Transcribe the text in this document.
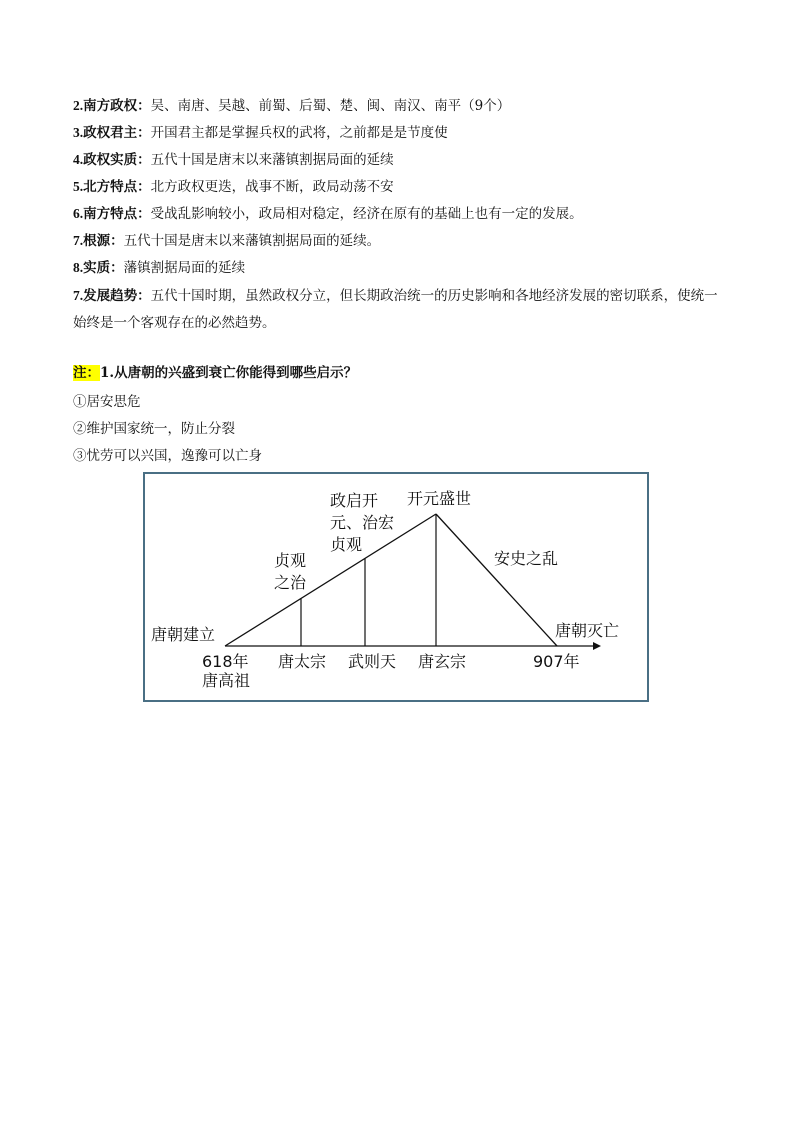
2.南方政权：吴、南唐、吴越、前蜀、后蜀、楚、闽、南汉、南平（9个）
3.政权君主：开国君主都是掌握兵权的武将，之前都是是节度使
4.政权实质：五代十国是唐末以来藩镇割据局面的延续
5.北方特点：北方政权更迭，战事不断，政局动荡不安
6.南方特点：受战乱影响较小，政局相对稳定，经济在原有的基础上也有一定的发展。
7.根源：五代十国是唐末以来藩镇割据局面的延续。
8.实质：藩镇割据局面的延续
7.发展趋势：五代十国时期，虽然政权分立，但长期政治统一的历史影响和各地经济发展的密切联系，使统一始终是一个客观存在的必然趋势。
注：1.从唐朝的兴盛到衰亡你能得到哪些启示？
①居安思危
②维护国家统一，防止分裂
③忧劳可以兴国，逸豫可以亡身
唐朝建立
618年
唐高祖
贞观
之治
唐太宗
政启开
元、治宏
贞观
武则天
开元盛世
唐玄宗
安史之乱
唐朝灭亡
907年
